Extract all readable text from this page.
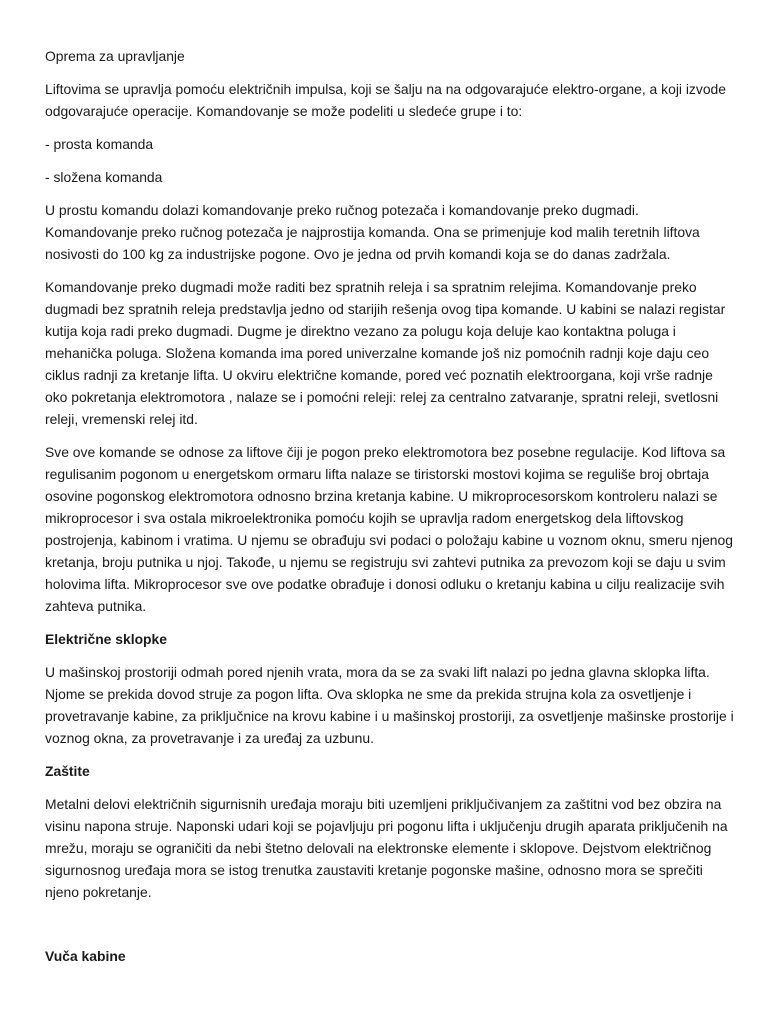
Oprema za upravljanje

Liftovima se upravlja pomoću električnih impulsa, koji se šalju na na odgovarajuće elektro-organe, a koji izvode odgovarajuće operacije. Komandovanje se može podeliti u sledeće grupe i to:

- prosta komanda

- složena komanda

U prostu komandu dolazi komandovanje preko ručnog potezača i komandovanje preko dugmadi. Komandovanje preko ručnog potezača je najprostija komanda. Ona se primenjuje kod malih teretnih liftova nosivosti do 100 kg za industrijske pogone. Ovo je jedna od prvih komandi koja se do danas zadržala.

Komandovanje preko dugmadi može raditi bez spratnih releja i sa spratnim relejima. Komandovanje preko dugmadi bez spratnih releja predstavlja jedno od starijih rešenja ovog tipa komande. U kabini se nalazi registar kutija koja radi preko dugmadi. Dugme je direktno vezano za polugu koja deluje kao kontaktna poluga i mehanička poluga. Složena komanda ima pored univerzalne komande još niz pomoćnih radnji koje daju ceo ciklus radnji za kretanje lifta. U okviru električne komande, pored već poznatih elektroorgana, koji vrše radnje oko pokretanja elektromotora , nalaze se i pomoćni releji: relej za centralno zatvaranje, spratni releji, svetlosni releji, vremenski relej itd.

Sve ove komande se odnose za liftove čiji je pogon preko elektromotora bez posebne regulacije. Kod liftova sa regulisanim pogonom u energetskom ormaru lifta nalaze se tiristorski mostovi kojima se reguliše broj obrtaja osovine pogonskog elektromotora odnosno brzina kretanja kabine. U mikroprocesorskom kontroleru nalazi se mikroprocesor i sva ostala mikroelektronika pomoću kojih se upravlja radom energetskog dela liftovskog postrojenja, kabinom i vratima. U njemu se obrađuju svi podaci o položaju kabine u voznom oknu, smeru njenog kretanja, broju putnika u njoj. Takođe, u njemu se registruju svi zahtevi putnika za prevozom koji se daju u svim holovima lifta. Mikroprocesor sve ove podatke obrađuje i donosi odluku o kretanju kabina u cilju realizacije svih zahteva putnika.

Električne sklopke

U mašinskoj prostoriji odmah pored njenih vrata, mora da se za svaki lift nalazi po jedna glavna sklopka lifta. Njome se prekida dovod struje za pogon lifta. Ova sklopka ne sme da prekida strujna kola za osvetljenje i provetravanje kabine, za priključnice na krovu kabine i u mašinskoj prostoriji, za osvetljenje mašinske prostorije i voznog okna, za provetravanje i za uređaj za uzbunu.

Zaštite

Metalni delovi električnih sigurnisnih uređaja moraju biti uzemljeni priključivanjem za zaštitni vod bez obzira na visinu napona struje. Naponski udari koji se pojavljuju pri pogonu lifta i uključenju drugih aparata priključenih na mrežu, moraju se ograničiti da nebi štetno delovali na elektronske elemente i sklopove. Dejstvom električnog sigurnosnog uređaja mora se istog trenutka zaustaviti kretanje pogonske mašine, odnosno mora se sprečiti njeno pokretanje.

Vuča kabine
